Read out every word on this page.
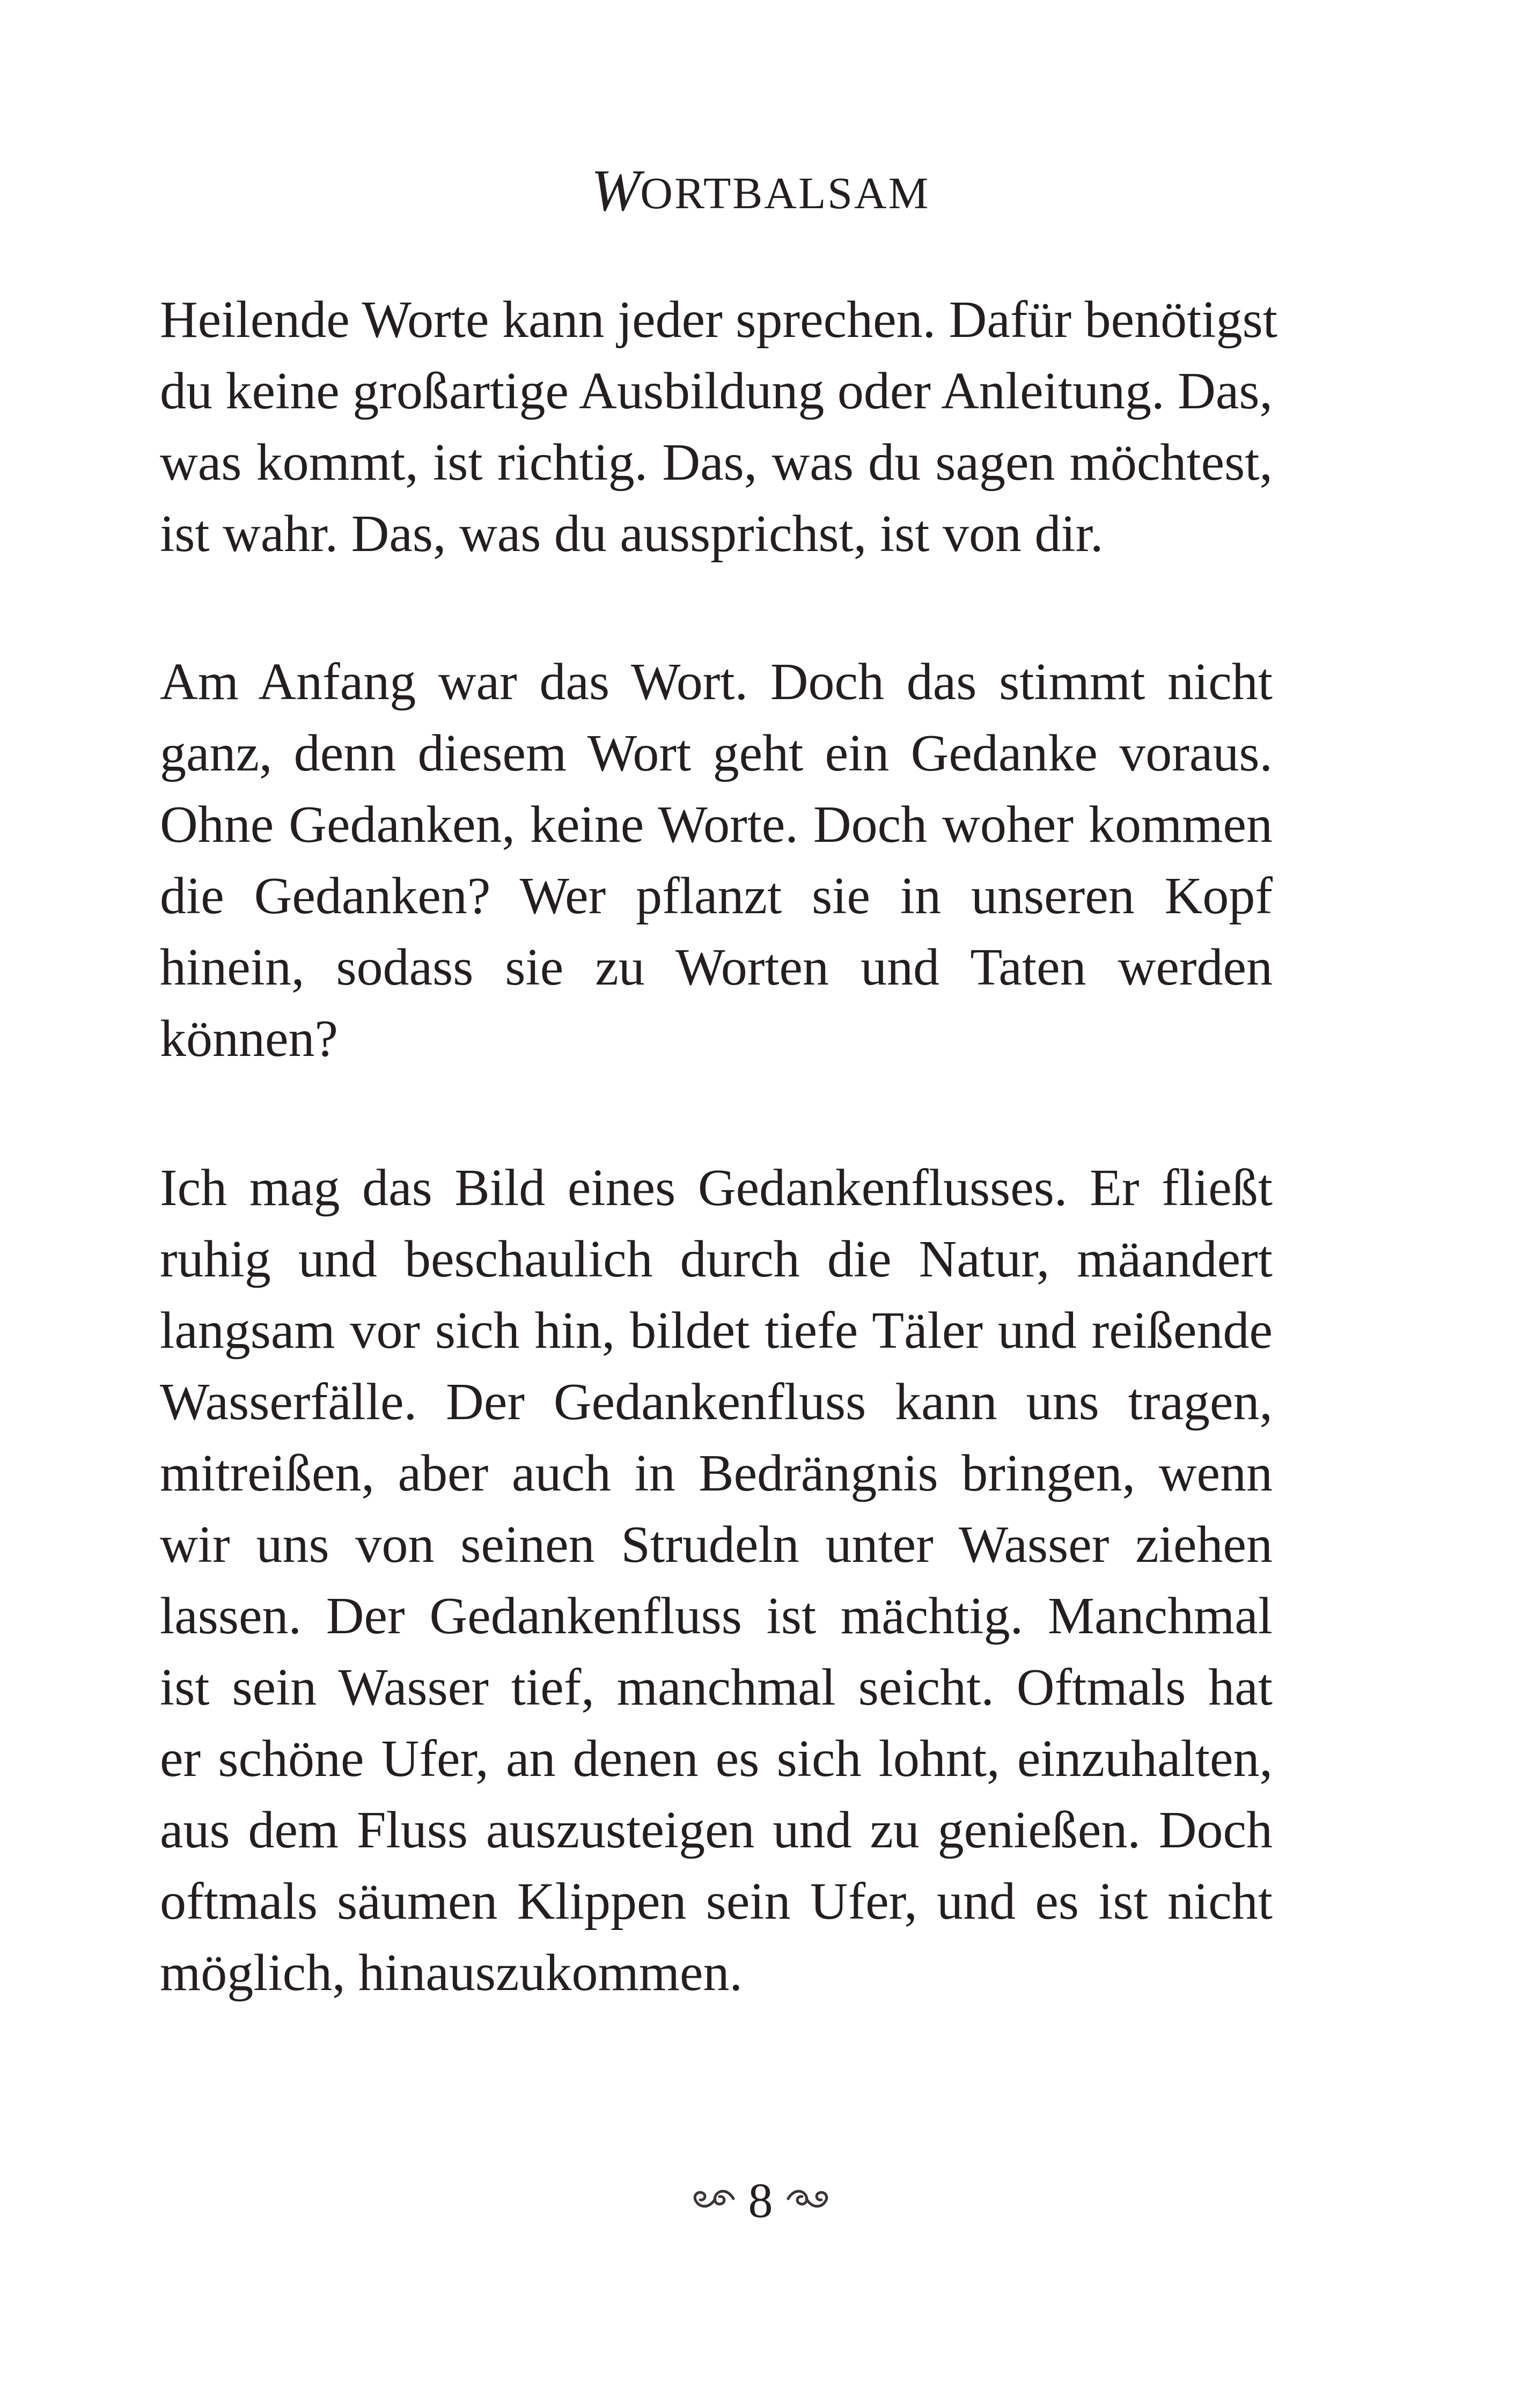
WORTBALSAM
Heilende Worte kann jeder sprechen. Dafür benötigst
du keine großartige Ausbildung oder Anleitung. Das,
was kommt, ist richtig. Das, was du sagen möchtest,
ist wahr. Das, was du aussprichst, ist von dir.
Am Anfang war das Wort. Doch das stimmt nicht
ganz, denn diesem Wort geht ein Gedanke voraus.
Ohne Gedanken, keine Worte. Doch woher kommen
die Gedanken? Wer pflanzt sie in unseren Kopf
hinein, sodass sie zu Worten und Taten werden
können?
Ich mag das Bild eines Gedankenflusses. Er fließt
ruhig und beschaulich durch die Natur, mäandert
langsam vor sich hin, bildet tiefe Täler und reißende
Wasserfälle. Der Gedankenfluss kann uns tragen,
mitreißen, aber auch in Bedrängnis bringen, wenn
wir uns von seinen Strudeln unter Wasser ziehen
lassen. Der Gedankenfluss ist mächtig. Manchmal
ist sein Wasser tief, manchmal seicht. Oftmals hat
er schöne Ufer, an denen es sich lohnt, einzuhalten,
aus dem Fluss auszusteigen und zu genießen. Doch
oftmals säumen Klippen sein Ufer, und es ist nicht
möglich, hinauszukommen.
8
